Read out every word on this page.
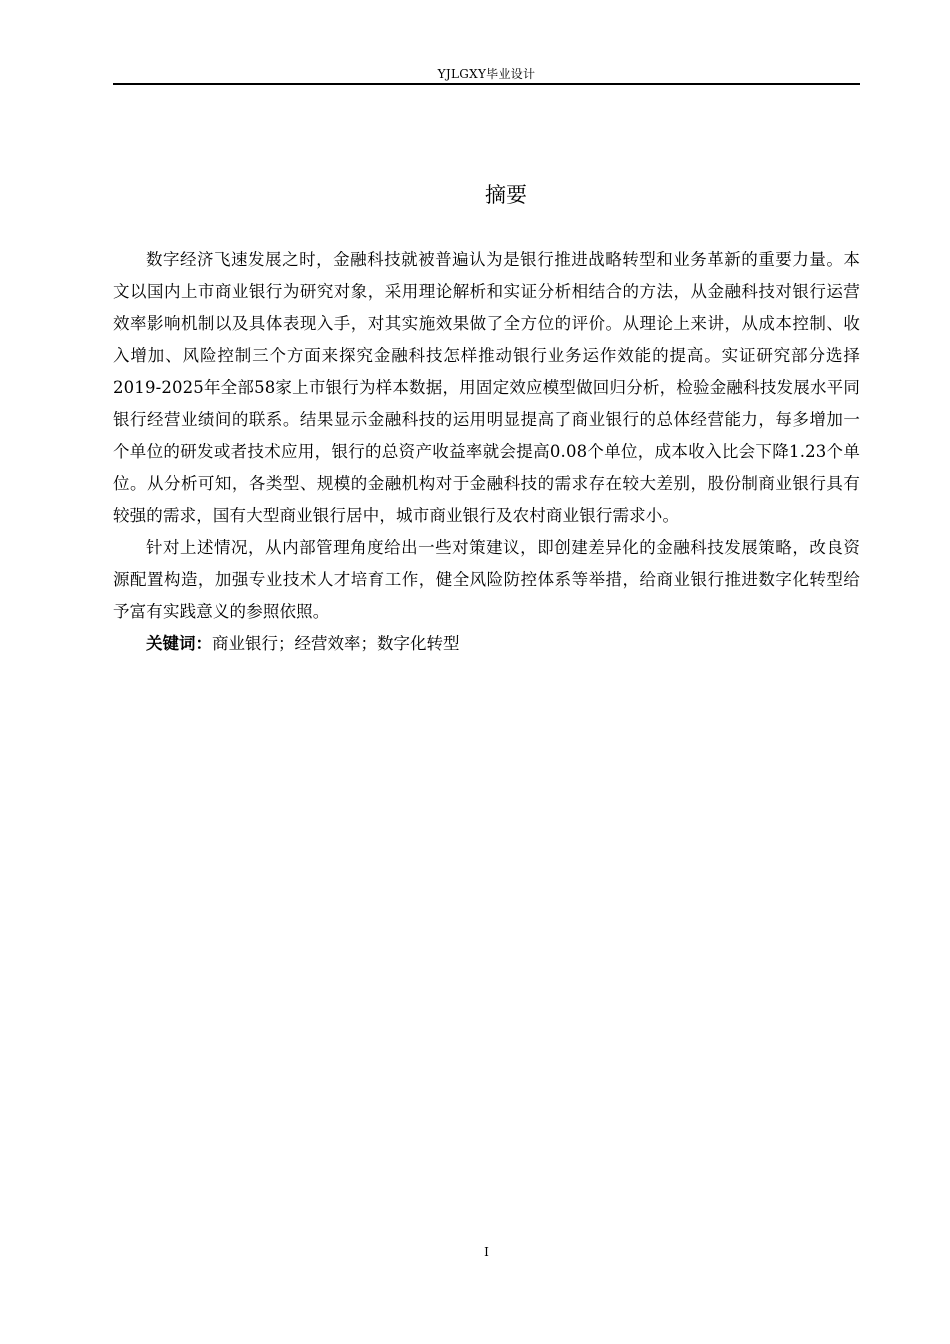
YJLGXY毕业设计
摘要

数字经济飞速发展之时，金融科技就被普遍认为是银行推进战略转型和业务革新的重要力量。本文以国内上市商业银行为研究对象，采用理论解析和实证分析相结合的方法，从金融科技对银行运营效率影响机制以及具体表现入手，对其实施效果做了全方位的评价。从理论上来讲，从成本控制、收入增加、风险控制三个方面来探究金融科技怎样推动银行业务运作效能的提高。实证研究部分选择2019-2025年全部58家上市银行为样本数据，用固定效应模型做回归分析，检验金融科技发展水平同银行经营业绩间的联系。结果显示金融科技的运用明显提高了商业银行的总体经营能力，每多增加一个单位的研发或者技术应用，银行的总资产收益率就会提高0.08个单位，成本收入比会下降1.23个单位。从分析可知，各类型、规模的金融机构对于金融科技的需求存在较大差别，股份制商业银行具有较强的需求，国有大型商业银行居中，城市商业银行及农村商业银行需求小。

针对上述情况，从内部管理角度给出一些对策建议，即创建差异化的金融科技发展策略，改良资源配置构造，加强专业技术人才培育工作，健全风险防控体系等举措，给商业银行推进数字化转型给予富有实践意义的参照依照。

关键词：商业银行；经营效率；数字化转型

I
